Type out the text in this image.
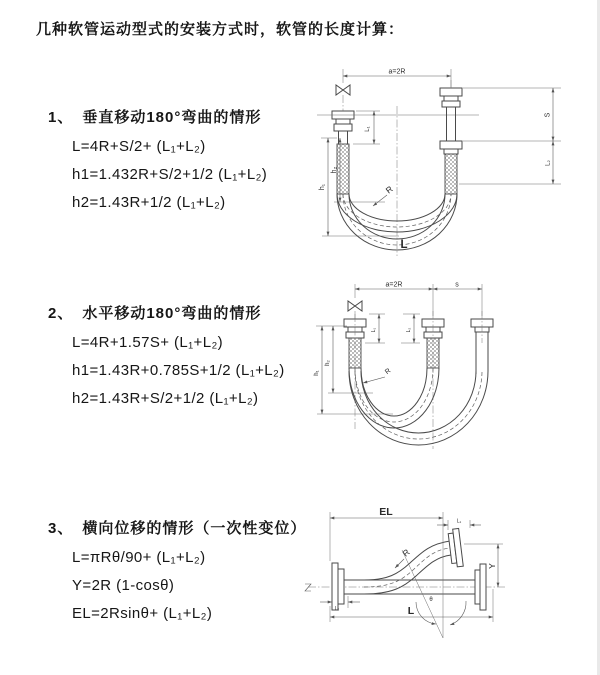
几种软管运动型式的安装方式时，软管的长度计算：
1、 垂直移动180°弯曲的情形
L=4R+S/2+ (L₁+L₂)
h1=1.432R+S/2+1/2 (L₁+L₂)
h2=1.43R+1/2 (L₁+L₂)
2、 水平移动180°弯曲的情形
L=4R+1.57S+ (L₁+L₂)
h1=1.43R+0.785S+1/2 (L₁+L₂)
h2=1.43R+S/2+1/2 (L₁+L₂)
3、 横向位移的情形（一次性变位）
L=πRθ/90+ (L₁+L₂)
Y=2R (1-cosθ)
EL=2Rsinθ+ (L₁+L₂)
a=2R
L₁
S
L₂
h₁
h₂
R
L
a=2R	s
L₁	L₂
h₁
h₂
R
EL
L₁
Y
θ
R
L₂	L
